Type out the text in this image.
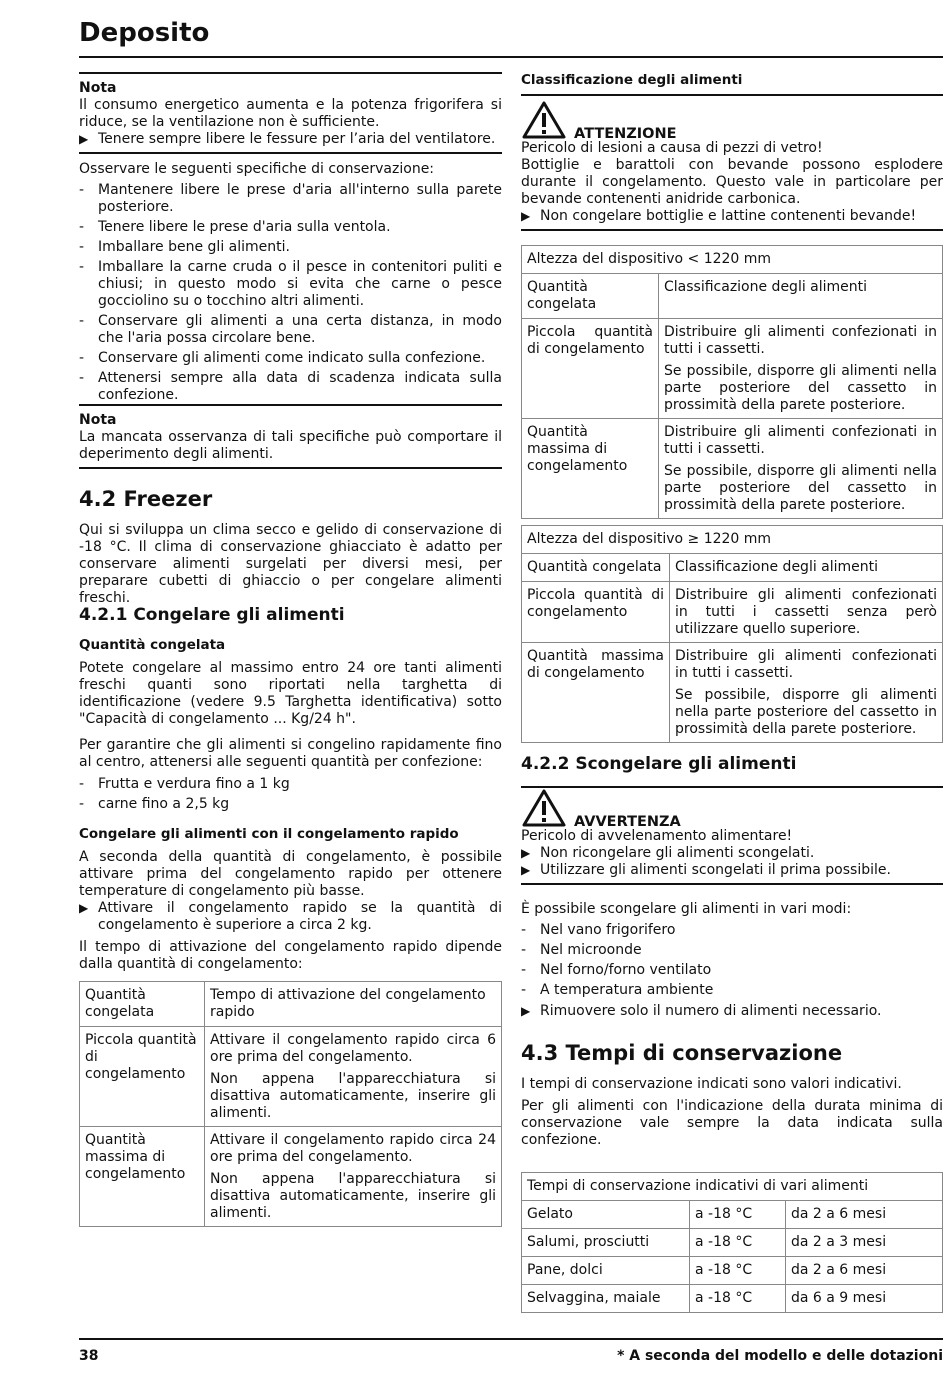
Deposito

Nota

Il consumo energetico aumenta e la potenza frigorifera si riduce, se la ventilazione non è sufficiente.

▶ Tenere sempre libere le fessure per l’aria del ventilatore.

Osservare le seguenti specifiche di conservazione:

- Mantenere libere le prese d'aria all'interno sulla parete posteriore.
- Tenere libere le prese d'aria sulla ventola.
- Imballare bene gli alimenti.
- Imballare la carne cruda o il pesce in contenitori puliti e chiusi; in questo modo si evita che carne o pesce gocciolino su o tocchino altri alimenti.
- Conservare gli alimenti a una certa distanza, in modo che l'aria possa circolare bene.
- Conservare gli alimenti come indicato sulla confezione.
- Attenersi sempre alla data di scadenza indicata sulla confezione.

Nota

La mancata osservanza di tali specifiche può comportare il deperimento degli alimenti.

4.2 Freezer

Qui si sviluppa un clima secco e gelido di conservazione di -18 °C. Il clima di conservazione ghiacciato è adatto per conservare alimenti surgelati per diversi mesi, per preparare cubetti di ghiaccio o per congelare alimenti freschi.

4.2.1 Congelare gli alimenti

Quantità congelata

Potete congelare al massimo entro 24 ore tanti alimenti freschi quanti sono riportati nella targhetta di identificazione (vedere 9.5 Targhetta identificativa) sotto "Capacità di congelamento ... Kg/24 h".

Per garantire che gli alimenti si congelino rapidamente fino al centro, attenersi alle seguenti quantità per confezione:

- Frutta e verdura fino a 1 kg
- carne fino a 2,5 kg

Congelare gli alimenti con il congelamento rapido

A seconda della quantità di congelamento, è possibile attivare prima del congelamento rapido per ottenere temperature di congelamento più basse.

▶ Attivare il congelamento rapido se la quantità di congelamento è superiore a circa 2 kg.

Il tempo di attivazione del congelamento rapido dipende dalla quantità di congelamento:

Quantità congelata	Tempo di attivazione del congelamento rapido
Piccola quantità di congelamento	Attivare il congelamento rapido circa 6 ore prima del congelamento.

Non appena l'apparecchiatura si disattiva automaticamente, inserire gli alimenti.

Quantità massima di congelamento	Attivare il congelamento rapido circa 24 ore prima del congelamento.

Non appena l'apparecchiatura si disattiva automaticamente, inserire gli alimenti.

Classificazione degli alimenti

ATTENZIONE

Pericolo di lesioni a causa di pezzi di vetro!

Bottiglie e barattoli con bevande possono esplodere durante il congelamento. Questo vale in particolare per bevande contenenti anidride carbonica.

▶ Non congelare bottiglie e lattine contenenti bevande!
Altezza del dispositivo < 1220 mm	
Quantità congelata	Classificazione degli alimenti
Piccola quantità di congelamento	Distribuire gli alimenti confezionati in tutti i cassetti.

Se possibile, disporre gli alimenti nella parte posteriore del cassetto in prossimità della parete posteriore.

Quantità massima di congelamento	Distribuire gli alimenti confezionati in tutti i cassetti.

Se possibile, disporre gli alimenti nella parte posteriore del cassetto in prossimità della parete posteriore.

Altezza del dispositivo ≥ 1220 mm	
Quantità congelata	Classificazione degli alimenti
Piccola quantità di congelamento	Distribuire gli alimenti confezionati in tutti i cassetti senza però utilizzare quello superiore.

Quantità massima di congelamento	Distribuire gli alimenti confezionati in tutti i cassetti.

Se possibile, disporre gli alimenti nella parte posteriore del cassetto in prossimità della parete posteriore.

4.2.2 Scongelare gli alimenti
AVVERTENZA

Pericolo di avvelenamento alimentare!

▶ Non ricongelare gli alimenti scongelati.
▶ Utilizzare gli alimenti scongelati il prima possibile.

È possibile scongelare gli alimenti in vari modi:

- Nel vano frigorifero
- Nel microonde
- Nel forno/forno ventilato
- A temperatura ambiente
▶ Rimuovere solo il numero di alimenti necessario.
4.3 Tempi di conservazione

I tempi di conservazione indicati sono valori indicativi.

Per gli alimenti con l'indicazione della durata minima di conservazione vale sempre la data indicata sulla confezione.

Tempi di conservazione indicativi di vari alimenti		
Gelato	a -18 °C	da 2 a 6 mesi
Salumi, prosciutti	a -18 °C	da 2 a 3 mesi
Pane, dolci	a -18 °C	da 2 a 6 mesi
Selvaggina, maiale	a -18 °C	da 6 a 9 mesi
38	* A seconda del modello e delle dotazioni
